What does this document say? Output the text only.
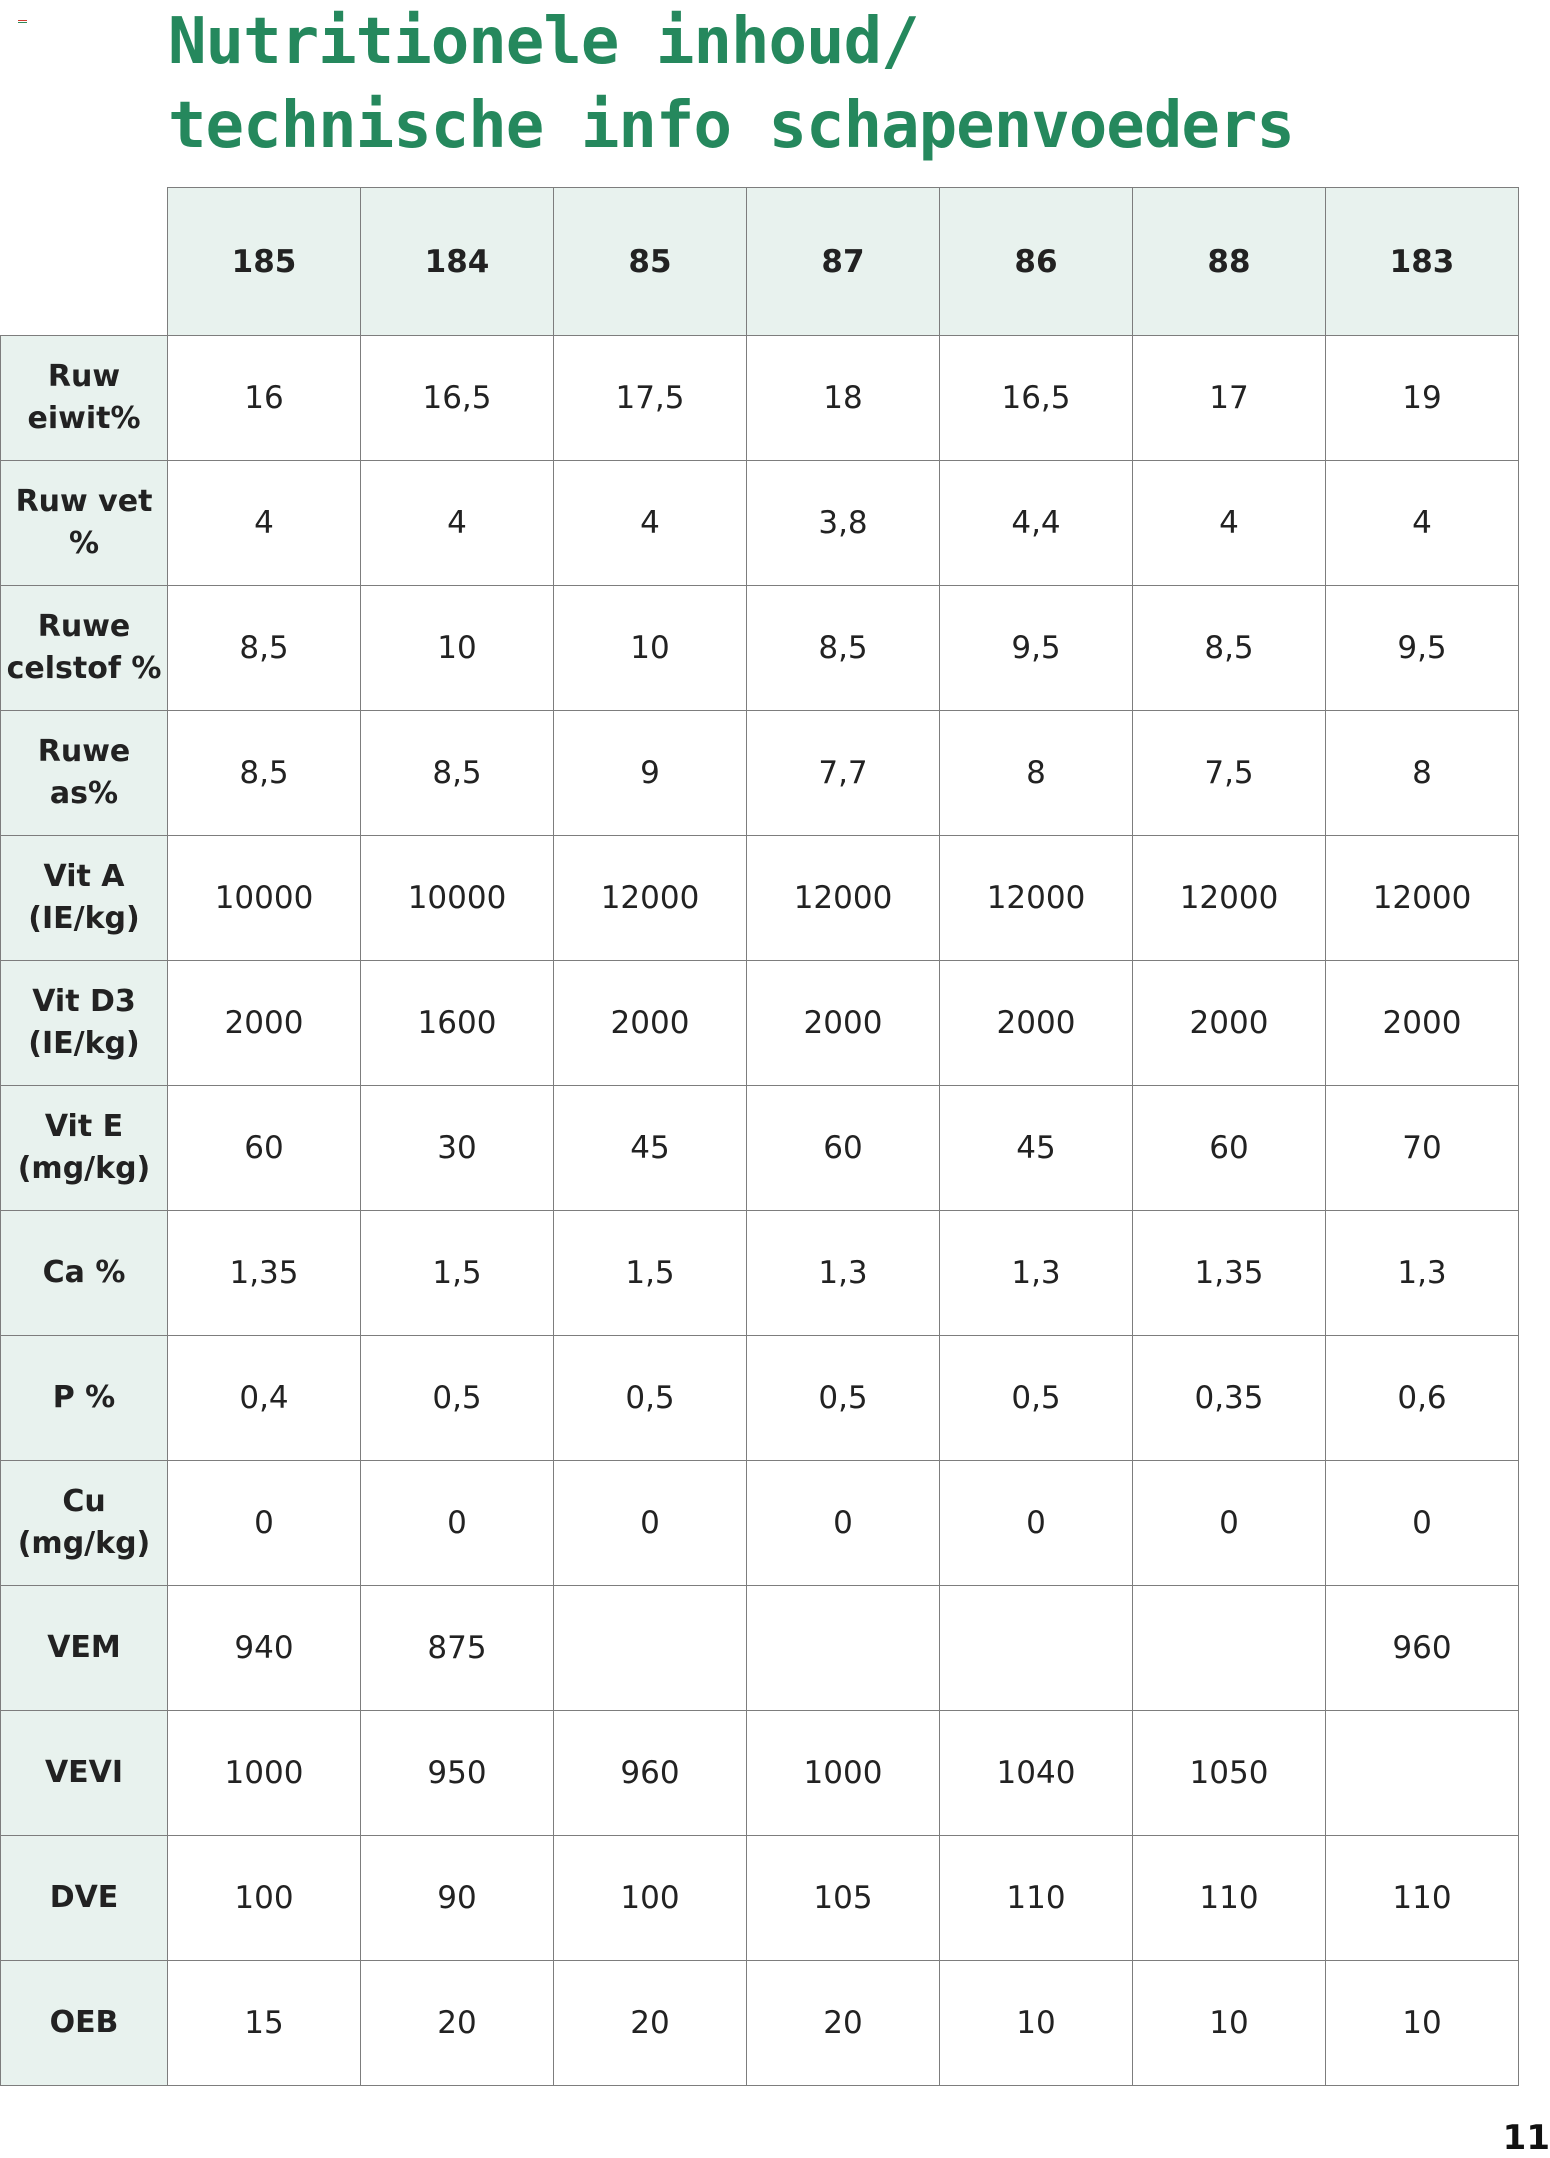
Nutritionele inhoud/
technische info schapenvoeders
	185	184	85	87	86	88	183

Ruw
eiwit%	16	16,5	17,5	18	16,5	17	19

Ruw vet
%	4	4	4	3,8	4,4	4	4

Ruwe
celstof %	8,5	10	10	8,5	9,5	8,5	9,5

Ruwe
as%	8,5	8,5	9	7,7	8	7,5	8

Vit A
(IE/kg)	10000	10000	12000	12000	12000	12000	12000

Vit D3
(IE/kg)	2000	1600	2000	2000	2000	2000	2000

Vit E
(mg/kg)	60	30	45	60	45	60	70

Ca %	1,35	1,5	1,5	1,3	1,3	1,35	1,3

P %	0,4	0,5	0,5	0,5	0,5	0,35	0,6

Cu
(mg/kg)	0	0	0	0	0	0	0

VEM	940	875					960

VEVI	1000	950	960	1000	1040	1050	

DVE	100	90	100	105	110	110	110

OEB	15	20	20	20	10	10	10
11
